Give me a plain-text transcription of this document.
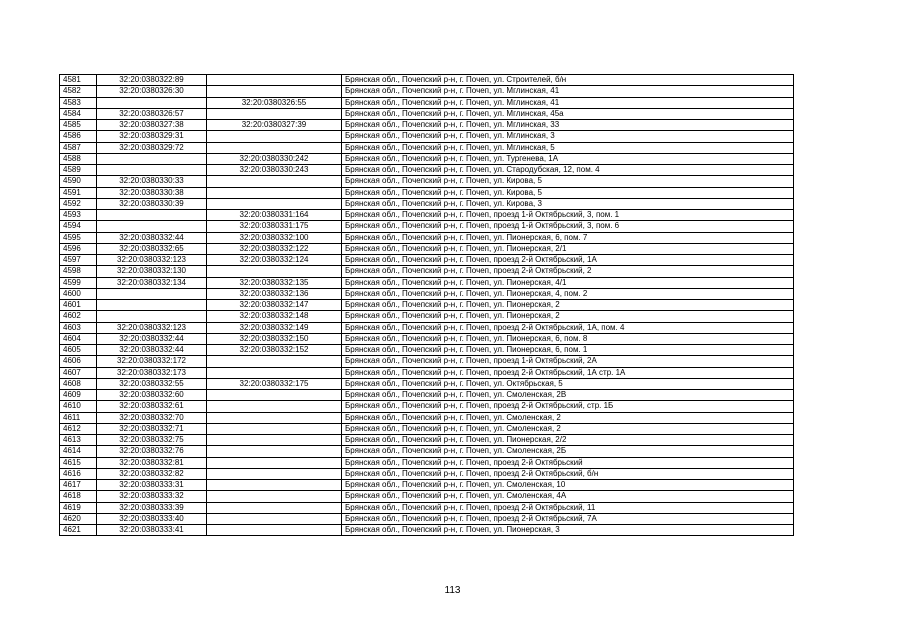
4581	32:20:0380322:89		Брянская обл., Почепский р-н, г. Почеп, ул. Строителей, б/н
4582	32:20:0380326:30		Брянская обл., Почепский р-н, г. Почеп, ул. Мглинская, 41
4583		32:20:0380326:55	Брянская обл., Почепский р-н, г. Почеп, ул. Мглинская, 41
4584	32:20:0380326:57		Брянская обл., Почепский р-н, г. Почеп, ул. Мглинская, 45а
4585	32:20:0380327:38	32:20:0380327:39	Брянская обл., Почепский р-н, г. Почеп, ул. Мглинская, 33
4586	32:20:0380329:31		Брянская обл., Почепский р-н, г. Почеп, ул. Мглинская, 3
4587	32:20:0380329:72		Брянская обл., Почепский р-н, г. Почеп, ул. Мглинская, 5
4588		32:20:0380330:242	Брянская обл., Почепский р-н, г. Почеп, ул. Тургенева, 1А
4589		32:20:0380330:243	Брянская обл., Почепский р-н, г. Почеп, ул. Стародубская, 12, пом. 4
4590	32:20:0380330:33		Брянская обл., Почепский р-н, г. Почеп, ул. Кирова, 5
4591	32:20:0380330:38		Брянская обл., Почепский р-н, г. Почеп, ул. Кирова, 5
4592	32:20:0380330:39		Брянская обл., Почепский р-н, г. Почеп, ул. Кирова, 3
4593		32:20:0380331:164	Брянская обл., Почепский р-н, г. Почеп, проезд 1-й Октябрьский, 3, пом. 1
4594		32:20:0380331:175	Брянская обл., Почепский р-н, г. Почеп, проезд 1-й Октябрьский, 3, пом. 6
4595	32:20:0380332:44	32:20:0380332:100	Брянская обл., Почепский р-н, г. Почеп, ул. Пионерская, 6, пом. 7
4596	32:20:0380332:65	32:20:0380332:122	Брянская обл., Почепский р-н, г. Почеп, ул. Пионерская, 2/1
4597	32:20:0380332:123	32:20:0380332:124	Брянская обл., Почепский р-н, г. Почеп, проезд 2-й Октябрьский, 1А
4598	32:20:0380332:130		Брянская обл., Почепский р-н, г. Почеп, проезд 2-й Октябрьский, 2
4599	32:20:0380332:134	32:20:0380332:135	Брянская обл., Почепский р-н, г. Почеп, ул. Пионерская, 4/1
4600		32:20:0380332:136	Брянская обл., Почепский р-н, г. Почеп, ул. Пионерская, 4, пом. 2
4601		32:20:0380332:147	Брянская обл., Почепский р-н, г. Почеп, ул. Пионерская, 2
4602		32:20:0380332:148	Брянская обл., Почепский р-н, г. Почеп, ул. Пионерская, 2
4603	32:20:0380332:123	32:20:0380332:149	Брянская обл., Почепский р-н, г. Почеп, проезд 2-й Октябрьский, 1А, пом. 4
4604	32:20:0380332:44	32:20:0380332:150	Брянская обл., Почепский р-н, г. Почеп, ул. Пионерская, 6, пом. 8
4605	32:20:0380332:44	32:20:0380332:152	Брянская обл., Почепский р-н, г. Почеп, ул. Пионерская, 6, пом. 1
4606	32:20:0380332:172		Брянская обл., Почепский р-н, г. Почеп, проезд 1-й Октябрьский, 2А
4607	32:20:0380332:173		Брянская обл., Почепский р-н, г. Почеп, проезд 2-й Октябрьский, 1А стр. 1А
4608	32:20:0380332:55	32:20:0380332:175	Брянская обл., Почепский р-н, г. Почеп, ул. Октябрьская, 5
4609	32:20:0380332:60		Брянская обл., Почепский р-н, г. Почеп, ул. Смоленская, 2В
4610	32:20:0380332:61		Брянская обл., Почепский р-н, г. Почеп, проезд 2-й Октябрьский, стр. 1Б
4611	32:20:0380332:70		Брянская обл., Почепский р-н, г. Почеп, ул. Смоленская, 2
4612	32:20:0380332:71		Брянская обл., Почепский р-н, г. Почеп, ул. Смоленская, 2
4613	32:20:0380332:75		Брянская обл., Почепский р-н, г. Почеп, ул. Пионерская, 2/2
4614	32:20:0380332:76		Брянская обл., Почепский р-н, г. Почеп, ул. Смоленская, 2Б
4615	32:20:0380332:81		Брянская обл., Почепский р-н, г. Почеп, проезд 2-й Октябрьский
4616	32:20:0380332:82		Брянская обл., Почепский р-н, г. Почеп, проезд 2-й Октябрьский, б/н
4617	32:20:0380333:31		Брянская обл., Почепский р-н, г. Почеп, ул. Смоленская, 10
4618	32:20:0380333:32		Брянская обл., Почепский р-н, г. Почеп, ул. Смоленская, 4А
4619	32:20:0380333:39		Брянская обл., Почепский р-н, г. Почеп, проезд 2-й Октябрьский, 11
4620	32:20:0380333:40		Брянская обл., Почепский р-н, г. Почеп, проезд 2-й Октябрьский, 7А
4621	32:20:0380333:41		Брянская обл., Почепский р-н, г. Почеп, ул. Пионерская, 3
113
